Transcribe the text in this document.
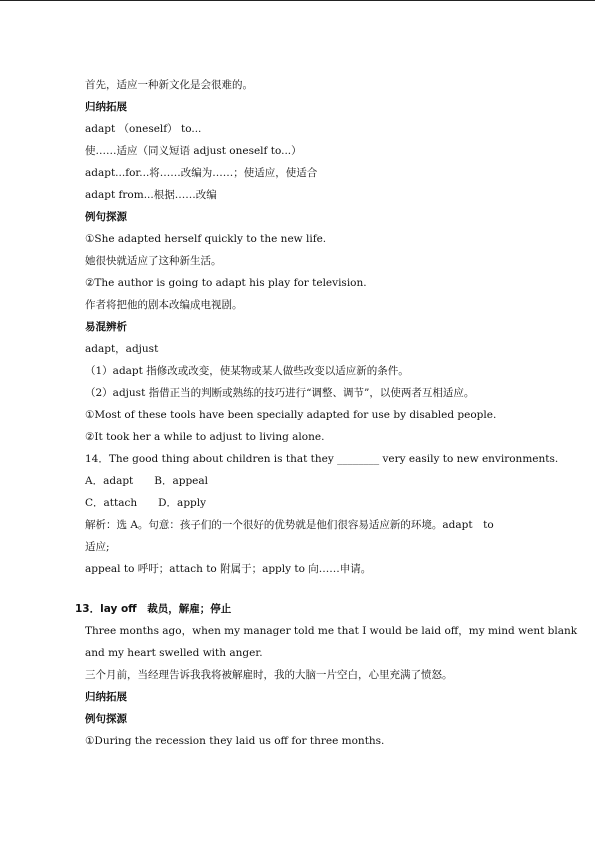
首先，适应一种新文化是会很难的。
归纳拓展
adapt （oneself） to...
使……适应（同义短语 adjust oneself to...）
adapt...for...将……改编为……；使适应，使适合
adapt from...根据……改编
例句探源
①She adapted herself quickly to the new life.
她很快就适应了这种新生活。
②The author is going to adapt his play for television.
作者将把他的剧本改编成电视剧。
易混辨析
adapt，adjust
（1）adapt 指修改或改变，使某物或某人做些改变以适应新的条件。
（2）adjust 指借正当的判断或熟练的技巧进行“调整、调节”，以使两者互相适应。
①Most of these tools have been specially adapted for use by disabled people.
②It took her a while to adjust to living alone.
14．The good thing about children is that they ________ very easily to new environments.
A．adapt　　B．appeal
C．attach　　D．apply
解析：选 A。句意：孩子们的一个很好的优势就是他们很容易适应新的环境。adapt　to
适应;
appeal to 呼吁；attach to 附属于；apply to 向……申请。
13．lay off　裁员，解雇；停止
Three months ago，when my manager told me that I would be laid off，my mind went blank
and my heart swelled with anger.
三个月前，当经理告诉我我将被解雇时，我的大脑一片空白，心里充满了愤怒。
归纳拓展
例句探源
①During the recession they laid us off for three months.
